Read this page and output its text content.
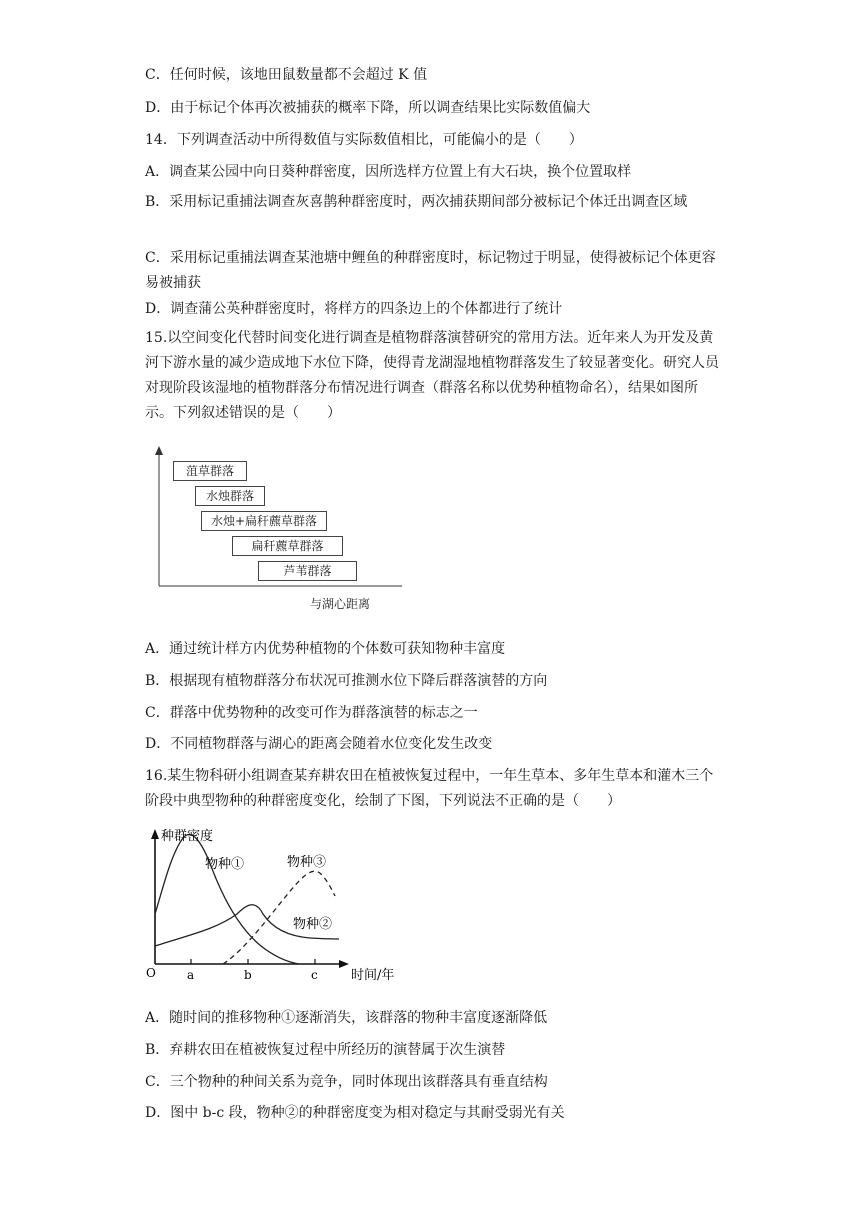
C．任何时候，该地田鼠数量都不会超过 K 值
D．由于标记个体再次被捕获的概率下降，所以调查结果比实际数值偏大
14．下列调查活动中所得数值与实际数值相比，可能偏小的是（　　）
A．调查某公园中向日葵种群密度，因所选样方位置上有大石块，换个位置取样
B．采用标记重捕法调查灰喜鹊种群密度时，两次捕获期间部分被标记个体迁出调查区域
C．采用标记重捕法调查某池塘中鲤鱼的种群密度时，标记物过于明显，使得被标记个体更容易被捕获
D．调查蒲公英种群密度时，将样方的四条边上的个体都进行了统计
15.以空间变化代替时间变化进行调查是植物群落演替研究的常用方法。近年来人为开发及黄河下游水量的减少造成地下水位下降，使得青龙湖湿地植物群落发生了较显著变化。研究人员对现阶段该湿地的植物群落分布情况进行调查（群落名称以优势种植物命名），结果如图所示。下列叙述错误的是（　　）
菹草群落
水烛群落
水烛+扁秆藨草群落
扁秆藨草群落
芦苇群落
与湖心距离
A．通过统计样方内优势种植物的个体数可获知物种丰富度
B．根据现有植物群落分布状况可推测水位下降后群落演替的方向
C．群落中优势物种的改变可作为群落演替的标志之一
D．不同植物群落与湖心的距离会随着水位变化发生改变
16.某生物科研小组调查某弃耕农田在植被恢复过程中，一年生草本、多年生草本和灌木三个阶段中典型物种的种群密度变化，绘制了下图，下列说法不正确的是（　　）
种群密度
O	a	b	c	时间/年
物种①	物种③
物种②
A．随时间的推移物种①逐渐消失，该群落的物种丰富度逐渐降低
B．弃耕农田在植被恢复过程中所经历的演替属于次生演替
C．三个物种的种间关系为竞争，同时体现出该群落具有垂直结构
D．图中 b-c 段，物种②的种群密度变为相对稳定与其耐受弱光有关
